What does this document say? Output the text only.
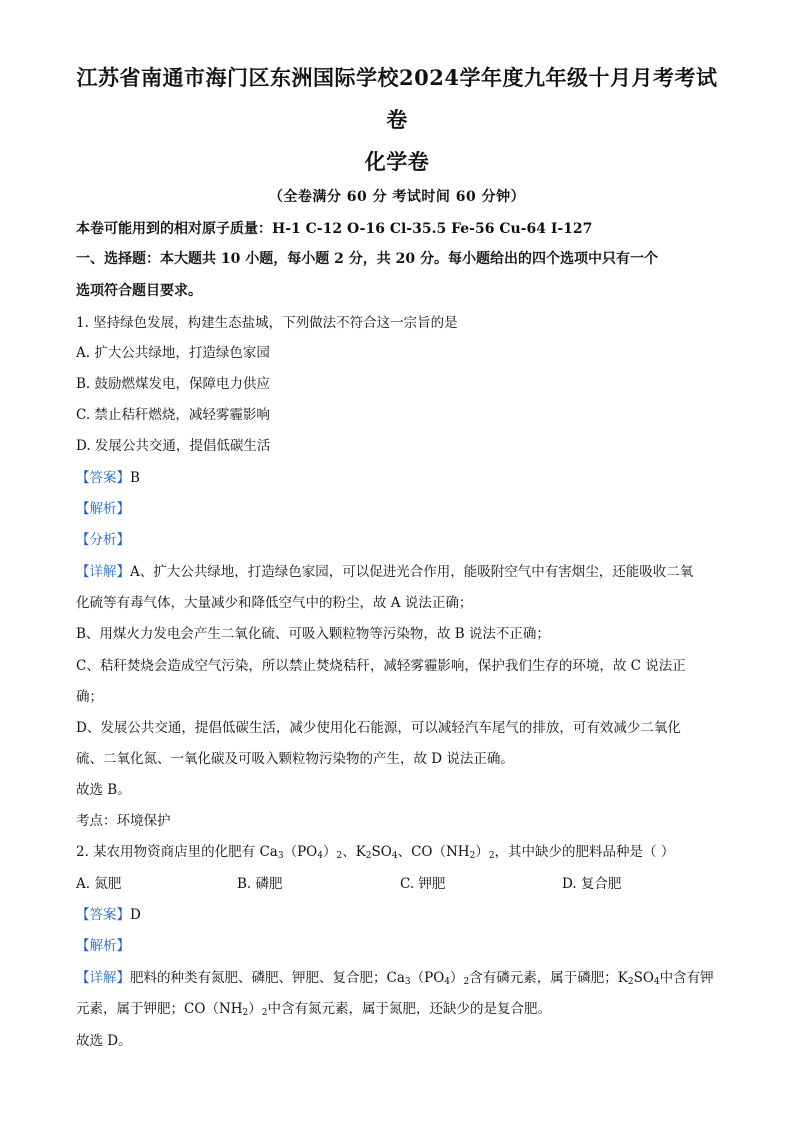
江苏省南通市海门区东洲国际学校2024学年度九年级十月月考考试
卷
化学卷
（全卷满分 60 分 考试时间 60 分钟）
本卷可能用到的相对原子质量：H-1 C-12 O-16 Cl-35.5 Fe-56 Cu-64 I-127
一、选择题：本大题共 10 小题，每小题 2 分，共 20 分。每小题给出的四个选项中只有一个
选项符合题目要求。
1. 坚持绿色发展，构建生态盐城，下列做法不符合这一宗旨的是
A. 扩大公共绿地，打造绿色家园
B. 鼓励燃煤发电，保障电力供应
C. 禁止秸秆燃烧，减轻雾霾影响
D. 发展公共交通，提倡低碳生活
【答案】B
【解析】
【分析】
【详解】A、扩大公共绿地，打造绿色家园，可以促进光合作用，能吸附空气中有害烟尘，还能吸收二氧
化硫等有毒气体，大量减少和降低空气中的粉尘，故 A 说法正确；
B、用煤火力发电会产生二氧化硫、可吸入颗粒物等污染物，故 B 说法不正确；
C、秸秆焚烧会造成空气污染，所以禁止焚烧秸秆，减轻雾霾影响，保护我们生存的环境，故 C 说法正
确；
D、发展公共交通，提倡低碳生活，减少使用化石能源，可以减轻汽车尾气的排放，可有效减少二氧化
硫、二氧化氮、一氧化碳及可吸入颗粒物污染物的产生，故 D 说法正确。
故选 B。
考点：环境保护
2. 某农用物资商店里的化肥有 $Ca_3(PO_4)_2$、$K_2SO_4$、$CO(NH_2)_2$，其中缺少的肥料品种是（ ）
A. 氮肥	B. 磷肥	C. 钾肥	D. 复合肥
【答案】D
【解析】
【详解】肥料的种类有氮肥、磷肥、钾肥、复合肥；$Ca_3(PO_4)_2$含有磷元素，属于磷肥；$K_2SO_4$中含有钾
元素，属于钾肥；$CO(NH_2)_2$中含有氮元素，属于氮肥，还缺少的是复合肥。
故选 D。
